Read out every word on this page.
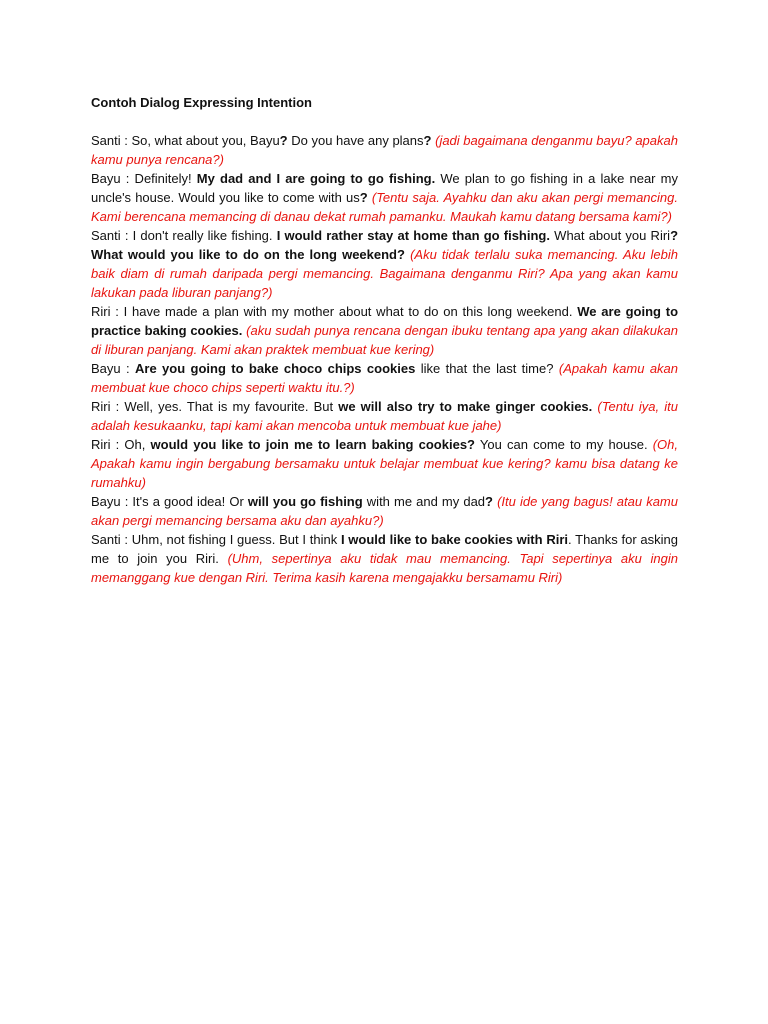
Contoh Dialog Expressing Intention

Santi : So, what about you, Bayu? Do you have any plans? (jadi bagaimana denganmu bayu? apakah kamu punya rencana?)

Bayu : Definitely! My dad and I are going to go fishing. We plan to go fishing in a lake near my uncle's house. Would you like to come with us? (Tentu saja. Ayahku dan aku akan pergi memancing. Kami berencana memancing di danau dekat rumah pamanku. Maukah kamu datang bersama kami?)

Santi : I don't really like fishing. I would rather stay at home than go fishing. What about you Riri? What would you like to do on the long weekend? (Aku tidak terlalu suka memancing. Aku lebih baik diam di rumah daripada pergi memancing. Bagaimana denganmu Riri? Apa yang akan kamu lakukan pada liburan panjang?)

Riri : I have made a plan with my mother about what to do on this long weekend. We are going to practice baking cookies. (aku sudah punya rencana dengan ibuku tentang apa yang akan dilakukan di liburan panjang. Kami akan praktek membuat kue kering)

Bayu : Are you going to bake choco chips cookies like that the last time? (Apakah kamu akan membuat kue choco chips seperti waktu itu.?)

Riri : Well, yes. That is my favourite. But we will also try to make ginger cookies. (Tentu iya, itu adalah kesukaanku, tapi kami akan mencoba untuk membuat kue jahe)

Riri : Oh, would you like to join me to learn baking cookies? You can come to my house. (Oh, Apakah kamu ingin bergabung bersamaku untuk belajar membuat kue kering? kamu bisa datang ke rumahku)

Bayu : It's a good idea! Or will you go fishing with me and my dad? (Itu ide yang bagus! atau kamu akan pergi memancing bersama aku dan ayahku?)

Santi : Uhm, not fishing I guess. But I think I would like to bake cookies with Riri. Thanks for asking me to join you Riri. (Uhm, sepertinya aku tidak mau memancing. Tapi sepertinya aku ingin memanggang kue dengan Riri. Terima kasih karena mengajakku bersamamu Riri)
